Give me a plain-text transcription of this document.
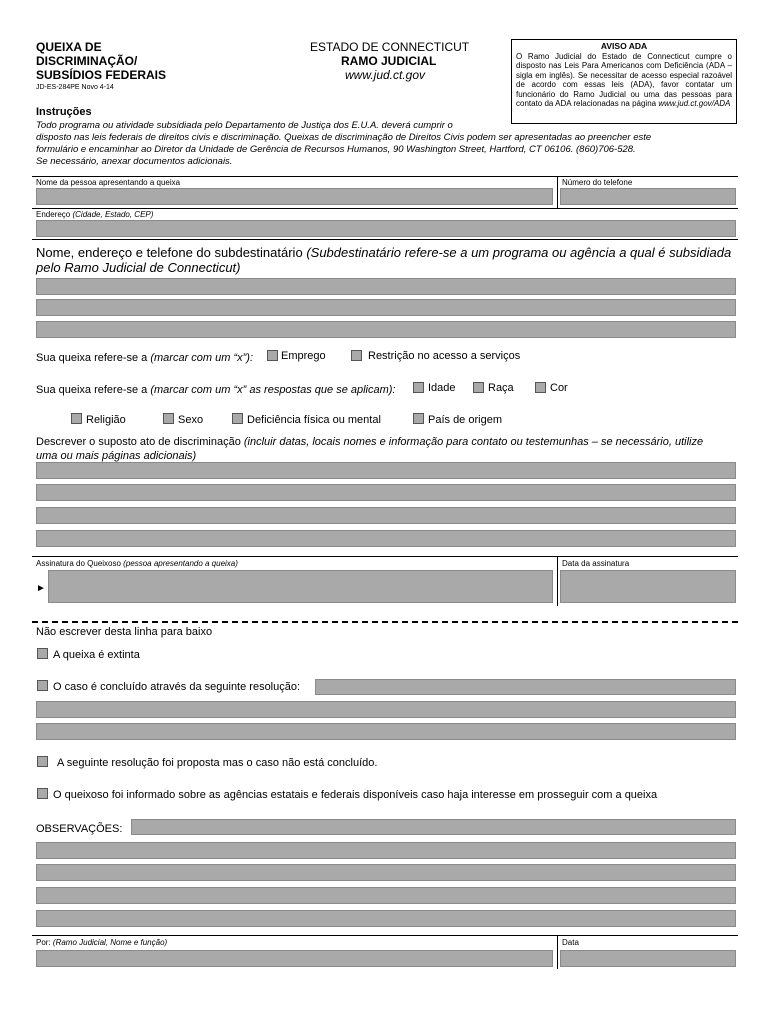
QUEIXA DE
DISCRIMINAÇÃO/
SUBSÍDIOS FEDERAIS
JD-ES-284PE Novo 4-14
ESTADO DE CONNECTICUT
RAMO JUDICIAL
www.jud.ct.gov
AVISO ADA
O Ramo Judicial do Estado de Connecticut cumpre o disposto nas Leis Para Americanos com Deficiência (ADA – sigla em inglês). Se necessitar de acesso especial razoável de acordo com essas leis (ADA), favor contatar um funcionário do Ramo Judicial ou uma das pessoas para contato da ADA relacionadas na página www.jud.ct.gov/ADA
Instruções
Todo programa ou atividade subsidiada pelo Departamento de Justiça dos E.U.A. deverá cumprir o
disposto nas leis federais de direitos civis e discriminação. Queixas de discriminação de Direitos Civis podem ser apresentadas ao preencher este
formulário e encaminhar ao Diretor da Unidade de Gerência de Recursos Humanos, 90 Washington Street, Hartford, CT 06106. (860)706-528.
Se necessário, anexar documentos adicionais.
Nome da pessoa apresentando a queixa	Número do telefone
Endereço (Cidade, Estado, CEP)
Nome, endereço e telefone do subdestinatário (Subdestinatário refere-se a um programa ou agência a qual é subsidiada
pelo Ramo Judicial de Connecticut)
Sua queixa refere-se a (marcar com um “x”):	Emprego	Restrição no acesso a serviços
Sua queixa refere-se a (marcar com um “x” as respostas que se aplicam):	Idade	Raça	Cor
Religião	Sexo	Deficiência física ou mental	País de origem
Descrever o suposto ato de discriminação (incluir datas, locais nomes e informação para contato ou testemunhas – se necessário, utilize
uma ou mais páginas adicionais)
Assinatura do Queixoso (pessoa apresentando a queixa)	Data da assinatura
►
Não escrever desta linha para baixo
A queixa é extinta
O caso é concluído através da seguinte resolução:
A seguinte resolução foi proposta mas o caso não está concluído.
O queixoso foi informado sobre as agências estatais e federais disponíveis caso haja interesse em prosseguir com a queixa
OBSERVAÇÕES:
Por: (Ramo Judicial, Nome e função)	Data
